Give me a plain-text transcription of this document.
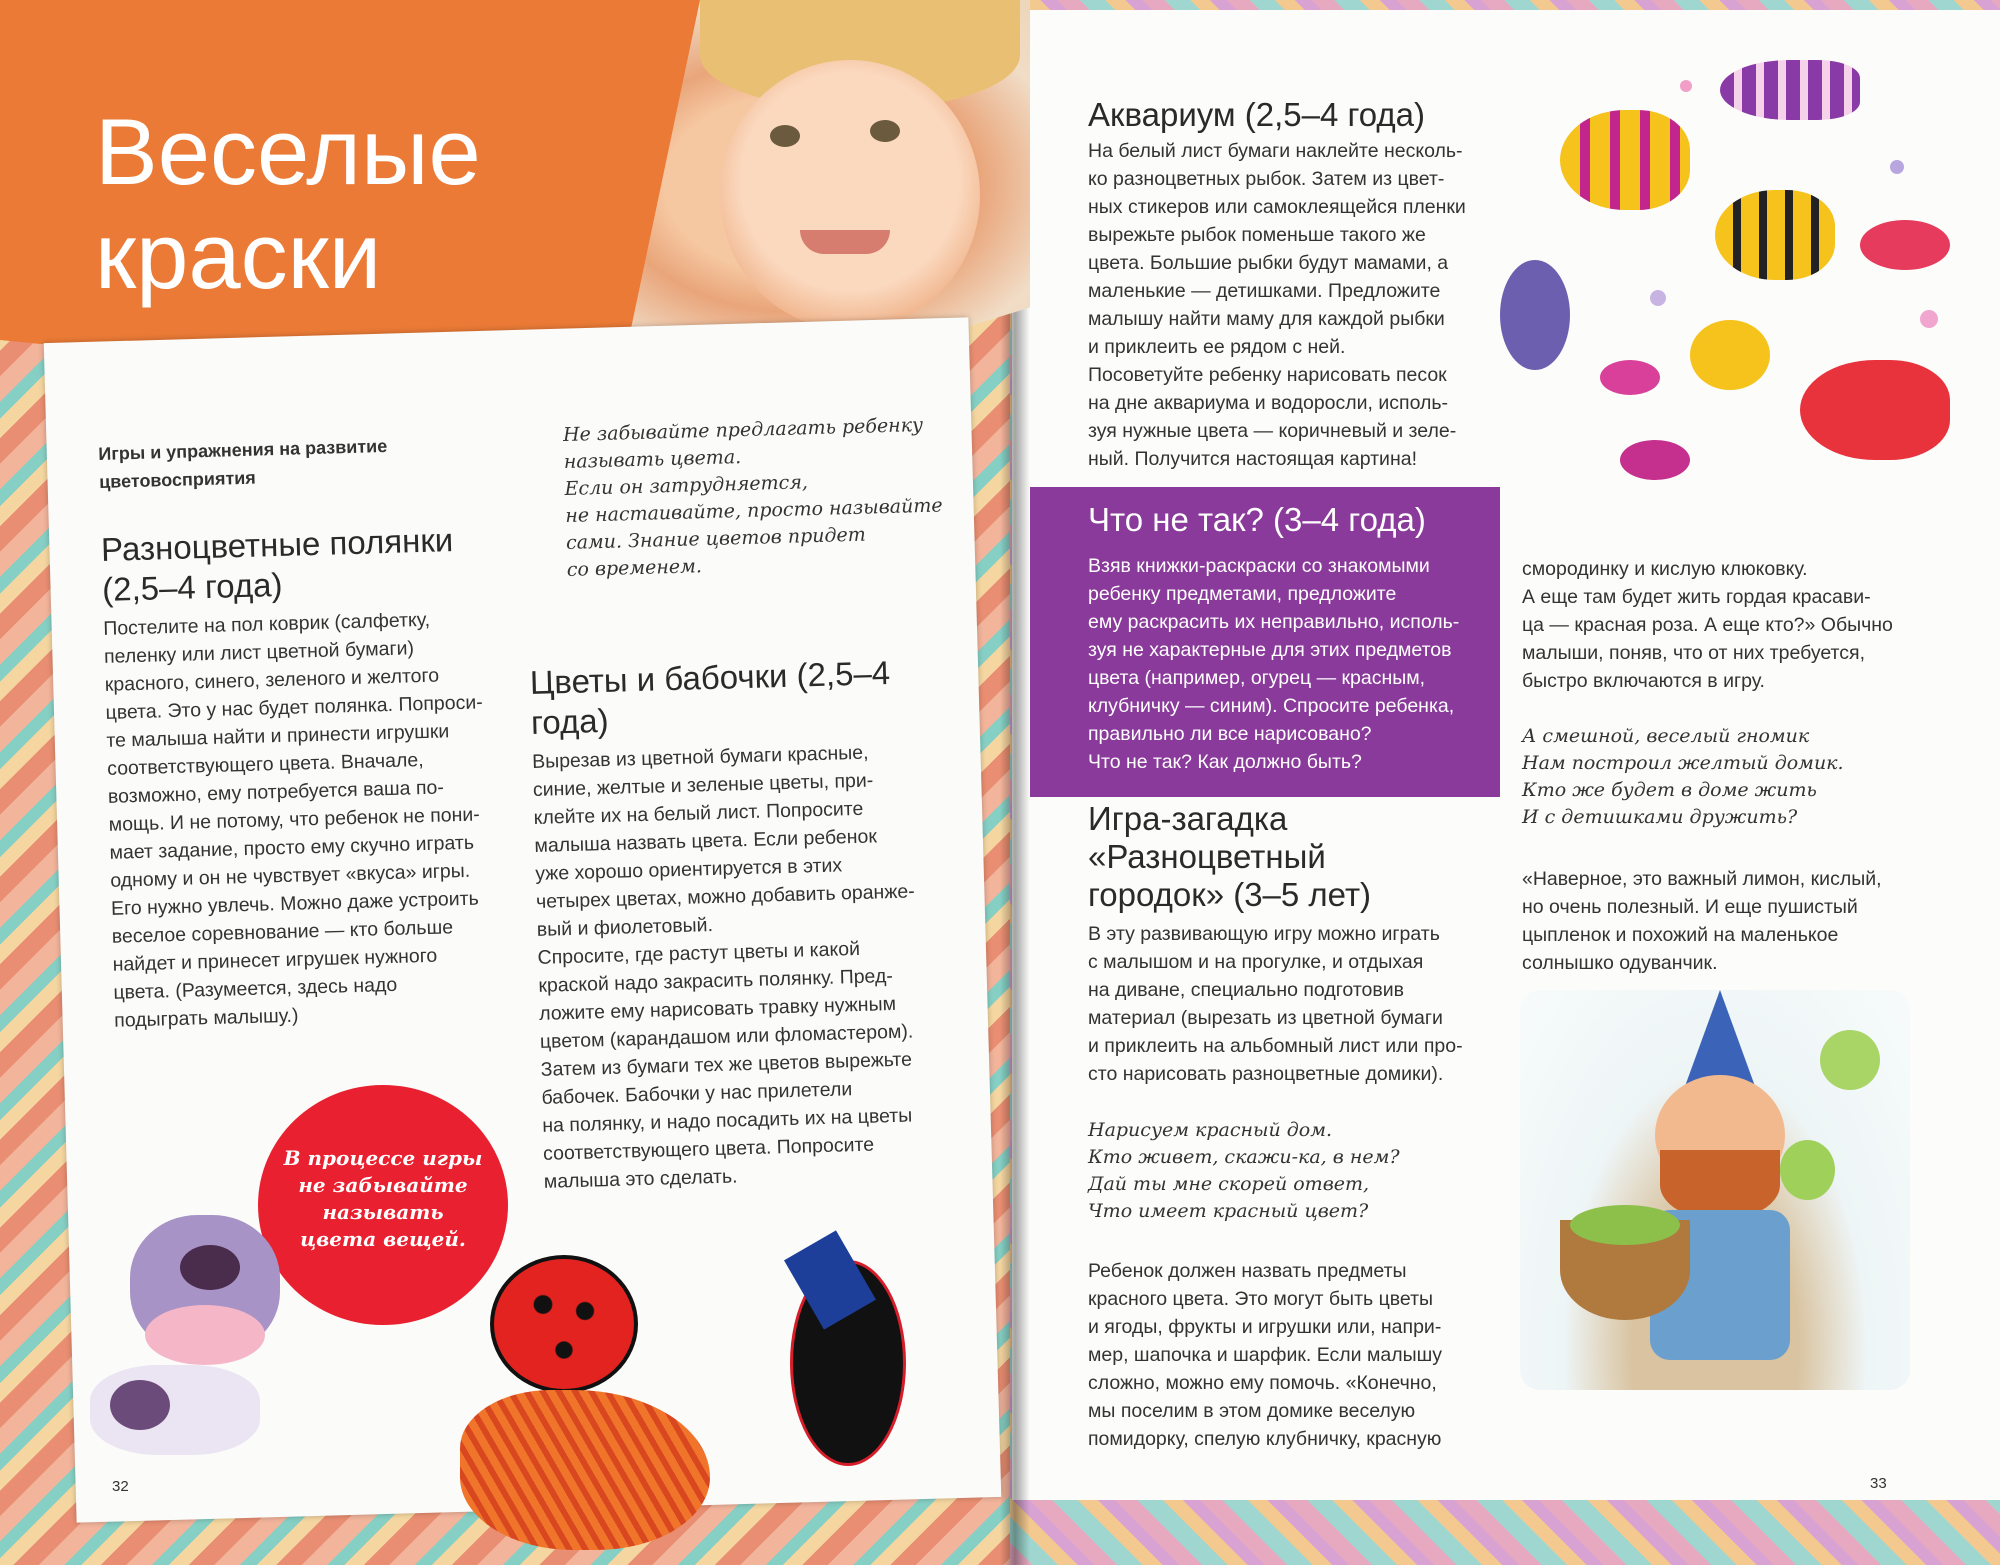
Веселые краски
Игры и упражнения на развитие цветовосприятия
Не забывайте предлагать ребенку
называть цвета.
Если он затрудняется,
не настаивайте, просто называйте
сами. Знание цветов придет
со временем.
Разноцветные полянки (2,5–4 года)
Постелите на пол коврик (салфетку,
пеленку или лист цветной бумаги)
красного, синего, зеленого и желтого
цвета. Это у нас будет полянка. Попроси-
те малыша найти и принести игрушки
соответствующего цвета. Вначале,
возможно, ему потребуется ваша по-
мощь. И не потому, что ребенок не пони-
мает задание, просто ему скучно играть
одному и он не чувствует «вкуса» игры.
Его нужно увлечь. Можно даже устроить
веселое соревнование — кто больше
найдет и принесет игрушек нужного
цвета. (Разумеется, здесь надо
подыграть малышу.)
Цветы и бабочки (2,5–4 года)
Вырезав из цветной бумаги красные,
синие, желтые и зеленые цветы, при-
клейте их на белый лист. Попросите
малыша назвать цвета. Если ребенок
уже хорошо ориентируется в этих
четырех цветах, можно добавить оранже-
вый и фиолетовый.
Спросите, где растут цветы и какой
краской надо закрасить полянку. Пред-
ложите ему нарисовать травку нужным
цветом (карандашом или фломастером).
Затем из бумаги тех же цветов вырежьте
бабочек. Бабочки у нас прилетели
на полянку, и надо посадить их на цветы
соответствующего цвета. Попросите
малыша это сделать.
В процессе игры не забывайте называть цвета вещей.
32
Аквариум (2,5–4 года)
На белый лист бумаги наклейте несколь-
ко разноцветных рыбок. Затем из цвет-
ных стикеров или самоклеящейся пленки
вырежьте рыбок поменьше такого же
цвета. Большие рыбки будут мамами, а
маленькие — детишками. Предложите
малышу найти маму для каждой рыбки
и приклеить ее рядом с ней.
Посоветуйте ребенку нарисовать песок
на дне аквариума и водоросли, исполь-
зуя нужные цвета — коричневый и зеле-
ный. Получится настоящая картина!
Что не так? (3–4 года)
Взяв книжки-раскраски со знакомыми
ребенку предметами, предложите
ему раскрасить их неправильно, исполь-
зуя не характерные для этих предметов
цвета (например, огурец — красным,
клубничку — синим). Спросите ребенка,
правильно ли все нарисовано?
Что не так? Как должно быть?
Игра-загадка «Разноцветный городок» (3–5 лет)
В эту развивающую игру можно играть
с малышом и на прогулке, и отдыхая
на диване, специально подготовив
материал (вырезать из цветной бумаги
и приклеить на альбомный лист или про-
сто нарисовать разноцветные домики).
Нарисуем красный дом.
Кто живет, скажи-ка, в нем?
Дай ты мне скорей ответ,
Что имеет красный цвет?
Ребенок должен назвать предметы
красного цвета. Это могут быть цветы
и ягоды, фрукты и игрушки или, напри-
мер, шапочка и шарфик. Если малышу
сложно, можно ему помочь. «Конечно,
мы поселим в этом домике веселую
помидорку, спелую клубничку, красную
смородинку и кислую клюковку.
А еще там будет жить гордая красави-
ца — красная роза. А еще кто?» Обычно
малыши, поняв, что от них требуется,
быстро включаются в игру.
А смешной, веселый гномик
Нам построил желтый домик.
Кто же будет в доме жить
И с детишками дружить?
«Наверное, это важный лимон, кислый,
но очень полезный. И еще пушистый
цыпленок и похожий на маленькое
солнышко одуванчик.
33
